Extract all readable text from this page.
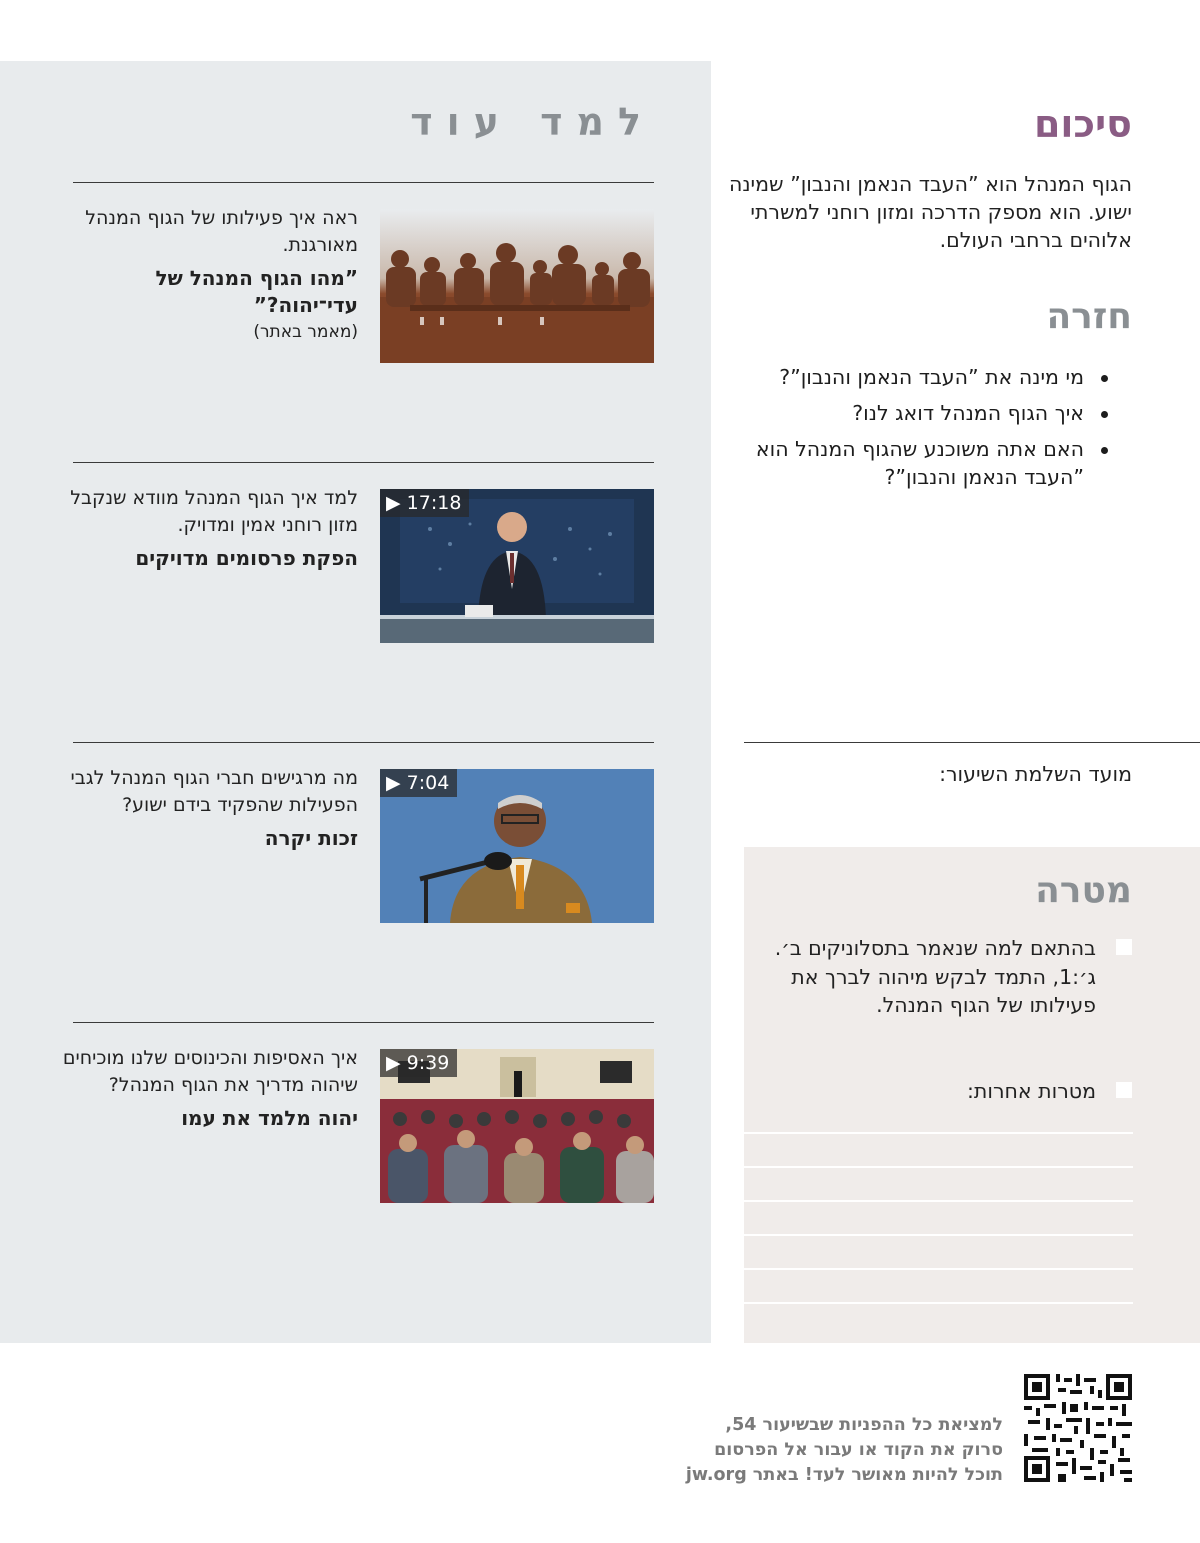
למד עוד

ראה איך פעילותו של הגוף המנהל מאורגנת.

”מהו הגוף המנהל של עדי־יהוה?”

(מאמר באתר)

▶ 17:18

למד איך הגוף המנהל מוודא שנקבל מזון רוחני אמין ומדויק.

הפקת פרסומים מדויקים

▶ 7:04

מה מרגישים חברי הגוף המנהל לגבי הפעילות שהפקיד בידם ישוע?

זכות יקרה

▶ 9:39

איך האסיפות והכינוסים שלנו מוכיחים שיהוה מדריך את הגוף המנהל?

יהוה מלמד את עמו

סיכום

הגוף המנהל הוא ”העבד הנאמן והנבון” שמינה ישוע. הוא מספק הדרכה ומזון רוחני למשרתי אלוהים ברחבי העולם.

חזרה
מי מינה את ”העבד הנאמן והנבון”?
איך הגוף המנהל דואג לנו?
האם אתה משוכנע שהגוף המנהל הוא ”העבד הנאמן והנבון”?

מועד השלמת השיעור:

מטרה
בהתאם למה שנאמר בתסלוניקים ב׳. ג׳:1, התמד לבקש מיהוה לברך את פעילותו של הגוף המנהל.
מטרות אחרות:
למציאת כל ההפניות שבשיעור 54,
סרוק את הקוד או עבור אל הפרסום
תוכל להיות מאושר לעד! באתר jw.org
